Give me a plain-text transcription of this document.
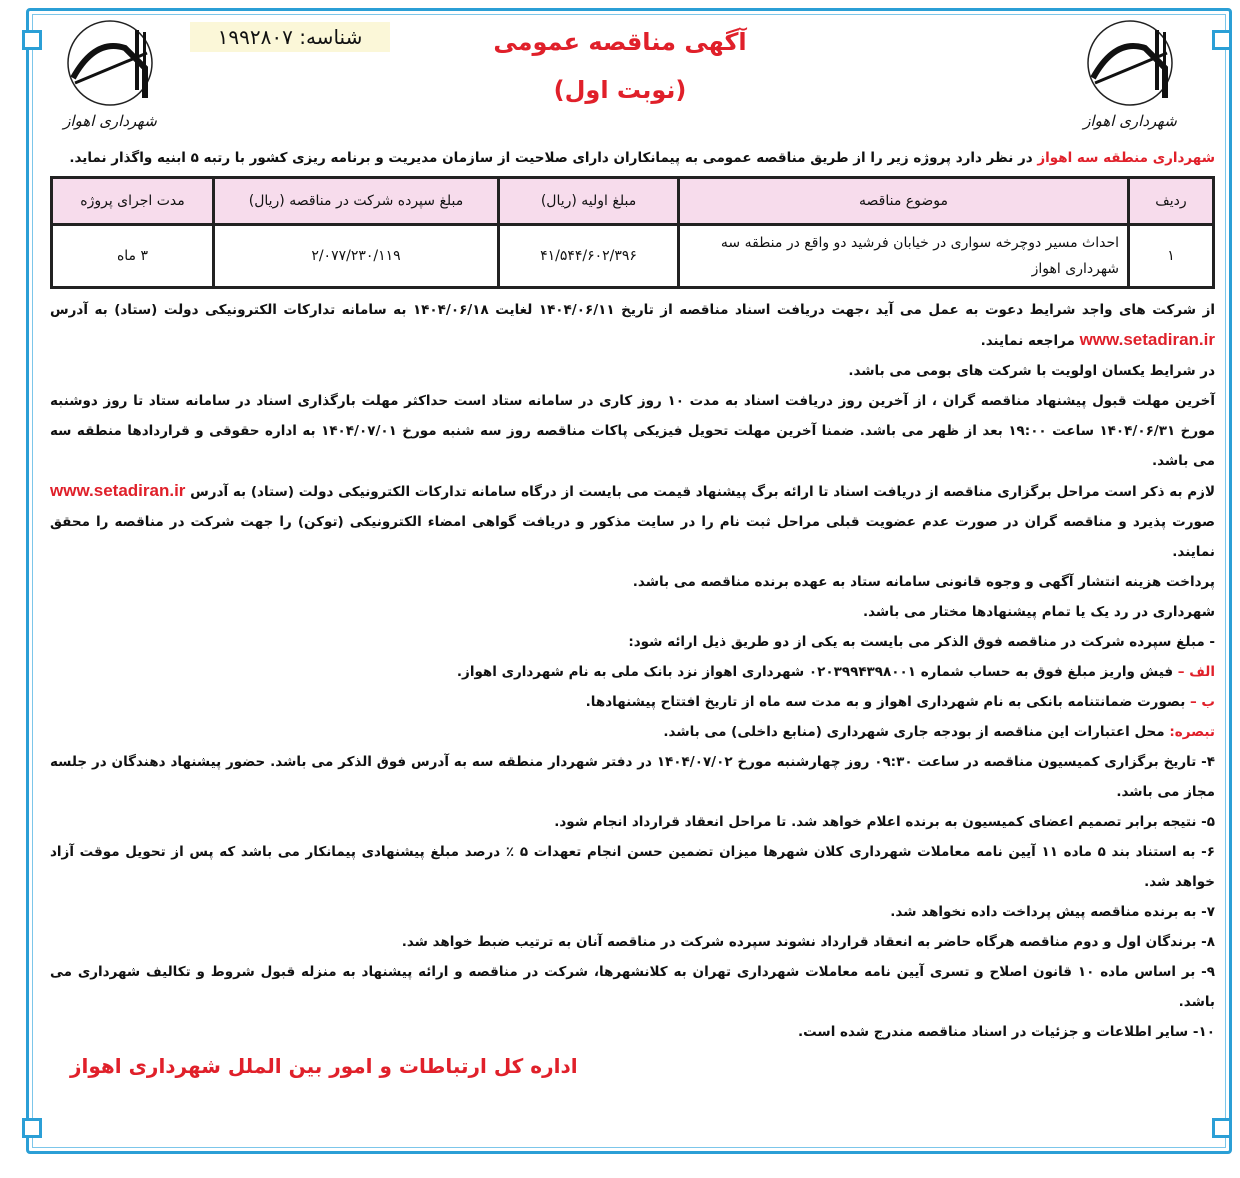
شهرداری اهواز	شهرداری اهواز
شناسه: ۱۹۹۲۸۰۷	آگهی مناقصه عمومی
(نوبت اول)
شهرداری منطقه سه اهواز در نظر دارد پروژه زیر را از طریق مناقصه عمومی به پیمانکاران دارای صلاحیت از سازمان مدیریت و برنامه ریزی کشور با رتبه ۵ ابنیه واگذار نماید.
ردیف	موضوع مناقصه	مبلغ اولیه (ریال)	مبلغ سپرده شرکت در مناقصه (ریال)	مدت اجرای پروژه
۱	احداث مسیر دوچرخه سواری در خیابان فرشید دو واقع در منطقه سه شهرداری اهواز	۴۱/۵۴۴/۶۰۲/۳۹۶	۲/۰۷۷/۲۳۰/۱۱۹	۳ ماه

از شرکت های واجد شرایط دعوت به عمل می آید ،جهت دریافت اسناد مناقصه از تاریخ ۱۴۰۴/۰۶/۱۱ لغایت ۱۴۰۴/۰۶/۱۸ به سامانه تدارکات الکترونیکی دولت (ستاد) به آدرس www.setadiran.ir مراجعه نمایند.

در شرایط یکسان اولویت با شرکت های بومی می باشد.

آخرین مهلت قبول پیشنهاد مناقصه گران ، از آخرین روز دریافت اسناد به مدت ۱۰ روز کاری در سامانه ستاد است حداکثر مهلت بارگذاری اسناد در سامانه ستاد تا روز دوشنبه مورخ ۱۴۰۴/۰۶/۳۱ ساعت ۱۹:۰۰ بعد از ظهر می باشد. ضمنا آخرین مهلت تحویل فیزیکی پاکات مناقصه روز سه شنبه مورخ ۱۴۰۴/۰۷/۰۱ به اداره حقوقی و قراردادها منطقه سه می باشد.

لازم به ذکر است مراحل برگزاری مناقصه از دریافت اسناد تا ارائه برگ پیشنهاد قیمت می بایست از درگاه سامانه تدارکات الکترونیکی دولت (ستاد) به آدرس www.setadiran.ir صورت پذیرد و مناقصه گران در صورت عدم عضویت قبلی مراحل ثبت نام را در سایت مذکور و دریافت گواهی امضاء الکترونیکی (توکن) را جهت شرکت در مناقصه را محقق نمایند.

پرداخت هزینه انتشار آگهی و وجوه قانونی سامانه ستاد به عهده برنده مناقصه می باشد.

شهرداری در رد یک یا تمام پیشنهادها مختار می باشد.

- مبلغ سپرده شرکت در مناقصه فوق الذکر می بایست به یکی از دو طریق ذیل ارائه شود:

الف – فیش واریز مبلغ فوق به حساب شماره ۰۲۰۳۹۹۴۳۹۸۰۰۱ شهرداری اهواز نزد بانک ملی به نام شهرداری اهواز.

ب – بصورت ضمانتنامه بانکی به نام شهرداری اهواز و به مدت سه ماه از تاریخ افتتاح پیشنهادها.

تبصره: محل اعتبارات این مناقصه از بودجه جاری شهرداری (منابع داخلی) می باشد.

۴- تاریخ برگزاری کمیسیون مناقصه در ساعت ۰۹:۳۰ روز چهارشنبه مورخ ۱۴۰۴/۰۷/۰۲ در دفتر شهردار منطقه سه به آدرس فوق الذکر می باشد. حضور پیشنهاد دهندگان در جلسه مجاز می باشد.

۵- نتیجه برابر تصمیم اعضای کمیسیون به برنده اعلام خواهد شد. تا مراحل انعقاد قرارداد انجام شود.

۶- به استناد بند ۵ ماده ۱۱ آیین نامه معاملات شهرداری کلان شهرها میزان تضمین حسن انجام تعهدات ۵ ٪ درصد مبلغ پیشنهادی پیمانکار می باشد که پس از تحویل موقت آزاد خواهد شد.

۷- به برنده مناقصه پیش پرداخت داده نخواهد شد.

۸- برندگان اول و دوم مناقصه هرگاه حاضر به انعقاد قرارداد نشوند سپرده شرکت در مناقصه آنان به ترتیب ضبط خواهد شد.

۹- بر اساس ماده ۱۰ قانون اصلاح و تسری آیین نامه معاملات شهرداری تهران به کلانشهرها، شرکت در مناقصه و ارائه پیشنهاد به منزله قبول شروط و تکالیف شهرداری می باشد.

۱۰- سایر اطلاعات و جزئیات در اسناد مناقصه مندرج شده است.

اداره کل ارتباطات و امور بین الملل شهرداری اهواز
